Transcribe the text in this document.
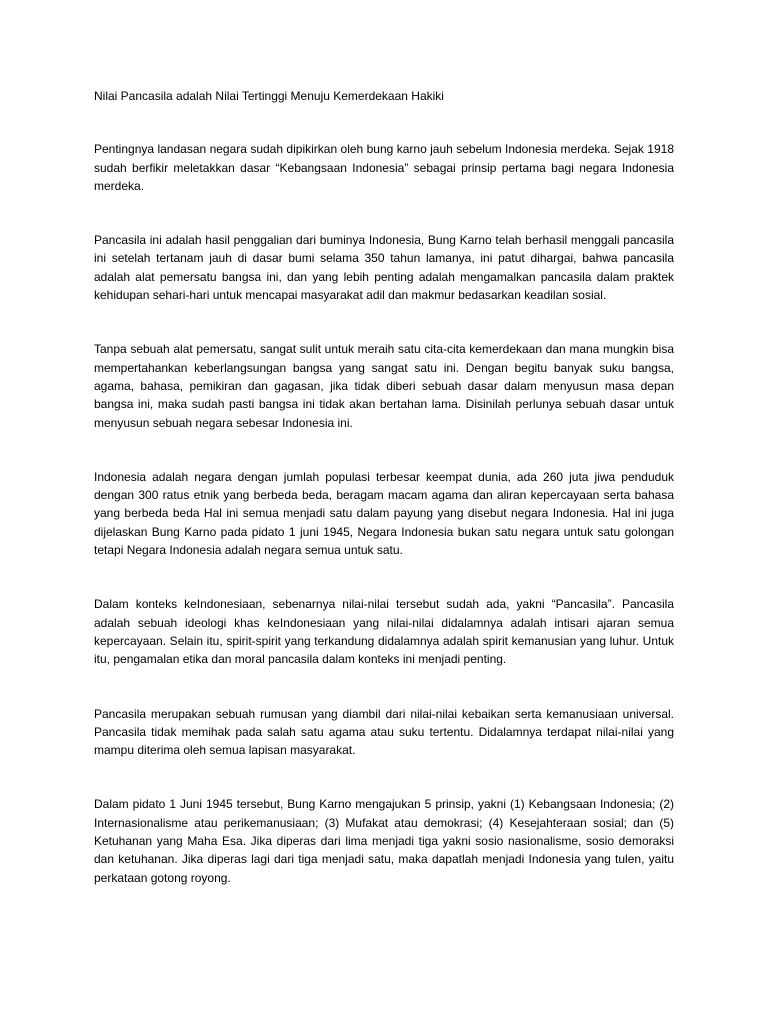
Nilai Pancasila adalah Nilai Tertinggi Menuju Kemerdekaan Hakiki

Pentingnya landasan negara sudah dipikirkan oleh bung karno jauh sebelum Indonesia merdeka. Sejak 1918 sudah berfikir meletakkan dasar “Kebangsaan Indonesia” sebagai prinsip pertama bagi negara Indonesia merdeka.

Pancasila ini adalah hasil penggalian dari buminya Indonesia, Bung Karno telah berhasil menggali pancasila ini setelah tertanam jauh di dasar bumi selama 350 tahun lamanya, ini patut dihargai, bahwa pancasila adalah alat pemersatu bangsa ini, dan yang lebih penting adalah mengamalkan pancasila dalam praktek kehidupan sehari-hari untuk mencapai masyarakat adil dan makmur bedasarkan keadilan sosial.

Tanpa sebuah alat pemersatu, sangat sulit untuk meraih satu cita-cita kemerdekaan dan mana mungkin bisa mempertahankan keberlangsungan bangsa yang sangat satu ini. Dengan begitu banyak suku bangsa, agama, bahasa, pemikiran dan gagasan, jika tidak diberi sebuah dasar dalam menyusun masa depan bangsa ini, maka sudah pasti bangsa ini tidak akan bertahan lama. Disinilah perlunya sebuah dasar untuk menyusun sebuah negara sebesar Indonesia ini.

Indonesia adalah negara dengan jumlah populasi terbesar keempat dunia, ada 260 juta jiwa penduduk dengan 300 ratus etnik yang berbeda beda, beragam macam agama dan aliran kepercayaan serta bahasa yang berbeda beda Hal ini semua menjadi satu dalam payung yang disebut negara Indonesia. Hal ini juga dijelaskan Bung Karno pada pidato 1 juni 1945, Negara Indonesia bukan satu negara untuk satu golongan tetapi Negara Indonesia adalah negara semua untuk satu.

Dalam konteks keIndonesiaan, sebenarnya nilai-nilai tersebut sudah ada, yakni “Pancasila”. Pancasila adalah sebuah ideologi khas keIndonesiaan yang nilai-nilai didalamnya adalah intisari ajaran semua kepercayaan. Selain itu, spirit-spirit yang terkandung didalamnya adalah spirit kemanusian yang luhur. Untuk itu, pengamalan etika dan moral pancasila dalam konteks ini menjadi penting.

Pancasila merupakan sebuah rumusan yang diambil dari nilai-nilai kebaikan serta kemanusiaan universal. Pancasila tidak memihak pada salah satu agama atau suku tertentu. Didalamnya terdapat nilai-nilai yang mampu diterima oleh semua lapisan masyarakat.

Dalam pidato 1 Juni 1945 tersebut, Bung Karno mengajukan 5 prinsip, yakni (1) Kebangsaan Indonesia; (2) Internasionalisme atau perikemanusiaan; (3) Mufakat atau demokrasi; (4) Kesejahteraan sosial; dan (5) Ketuhanan yang Maha Esa. Jika diperas dari lima menjadi tiga yakni sosio nasionalisme, sosio demoraksi dan ketuhanan. Jika diperas lagi dari tiga menjadi satu, maka dapatlah menjadi Indonesia yang tulen, yaitu perkataan gotong royong.
